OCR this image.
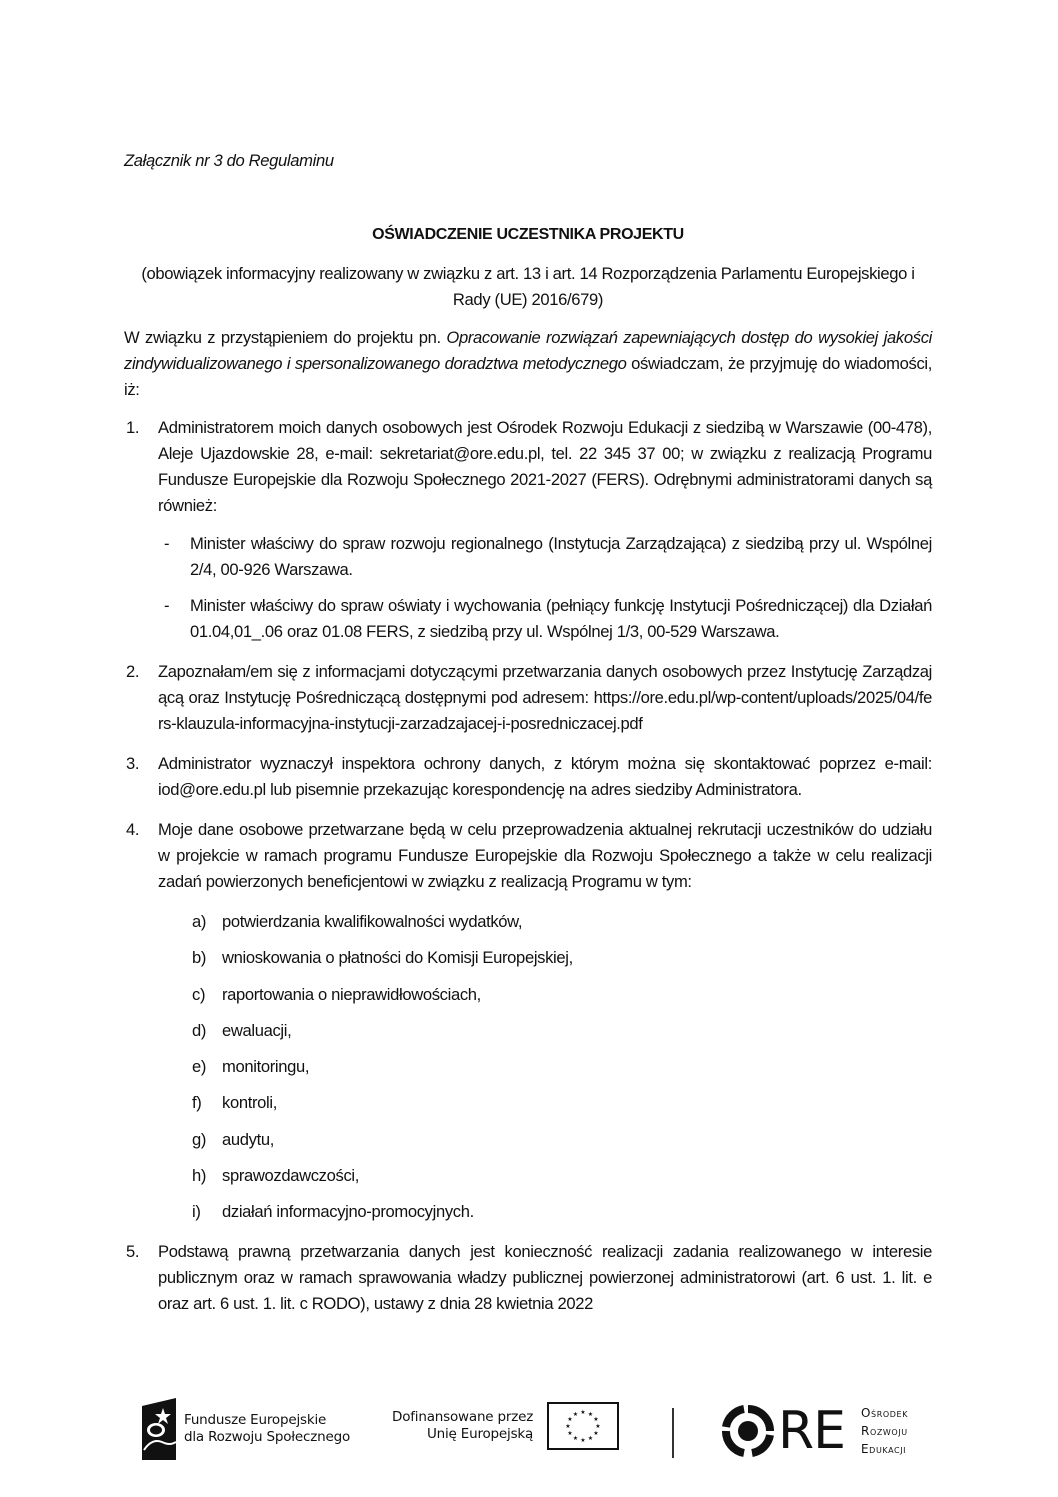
Załącznik nr 3 do Regulaminu

OŚWIADCZENIE UCZESTNIKA PROJEKTU

(obowiązek informacyjny realizowany w związku z art. 13 i art. 14 Rozporządzenia Parlamentu Europejskiego i Rady (UE) 2016/679)

W związku z przystąpieniem do projektu pn. Opracowanie rozwiązań zapewniających dostęp do wysokiej jakości zindywidualizowanego i spersonalizowanego doradztwa metodycznego oświadczam, że przyjmuję do wiadomości, iż:

1. Administratorem moich danych osobowych jest Ośrodek Rozwoju Edukacji z siedzibą w Warszawie (00-478), Aleje Ujazdowskie 28, e-mail: sekretariat@ore.edu.pl, tel. 22 345 37 00; w związku z realizacją Programu Fundusze Europejskie dla Rozwoju Społecznego 2021-2027 (FERS). Odrębnymi administratorami danych są również:
- Minister właściwy do spraw rozwoju regionalnego (Instytucja Zarządzająca) z siedzibą przy ul. Wspólnej 2/4, 00-926 Warszawa.
- Minister właściwy do spraw oświaty i wychowania (pełniący funkcję Instytucji Pośredniczącej) dla Działań 01.04,01_.06 oraz 01.08 FERS, z siedzibą przy ul. Wspólnej 1/3, 00-529 Warszawa.
2. Zapoznałam/em się z informacjami dotyczącymi przetwarzania danych osobowych przez Instytucję Zarządzającą oraz Instytucję Pośredniczącą dostępnymi pod adresem: https://ore.edu.pl/wp-content/uploads/2025/04/fers-klauzula-informacyjna-instytucji-zarzadzajacej-i-posredniczacej.pdf
3. Administrator wyznaczył inspektora ochrony danych, z którym można się skontaktować poprzez e-mail: iod@ore.edu.pl lub pisemnie przekazując korespondencję na adres siedziby Administratora.
4. Moje dane osobowe przetwarzane będą w celu przeprowadzenia aktualnej rekrutacji uczestników do udziału w projekcie w ramach programu Fundusze Europejskie dla Rozwoju Społecznego a także w celu realizacji zadań powierzonych beneficjentowi w związku z realizacją Programu w tym:
a) potwierdzania kwalifikowalności wydatków,
b) wnioskowania o płatności do Komisji Europejskiej,
c) raportowania o nieprawidłowościach,
d) ewaluacji,
e) monitoringu,
f) kontroli,
g) audytu,
h) sprawozdawczości,
i) działań informacyjno-promocyjnych.
5. Podstawą prawną przetwarzania danych jest konieczność realizacji zadania realizowanego w interesie publicznym oraz w ramach sprawowania władzy publicznej powierzonej administratorowi (art. 6 ust. 1. lit. e oraz art. 6 ust. 1. lit. c RODO), ustawy z dnia 28 kwietnia 2022
Fundusze Europejskie
dla Rozwoju Społecznego
Dofinansowane przez
Unię Europejską
★ ★
★
★
★
★
★
★
★
★
★
★	RE Ośrodek
Rozwoju
Edukacji
